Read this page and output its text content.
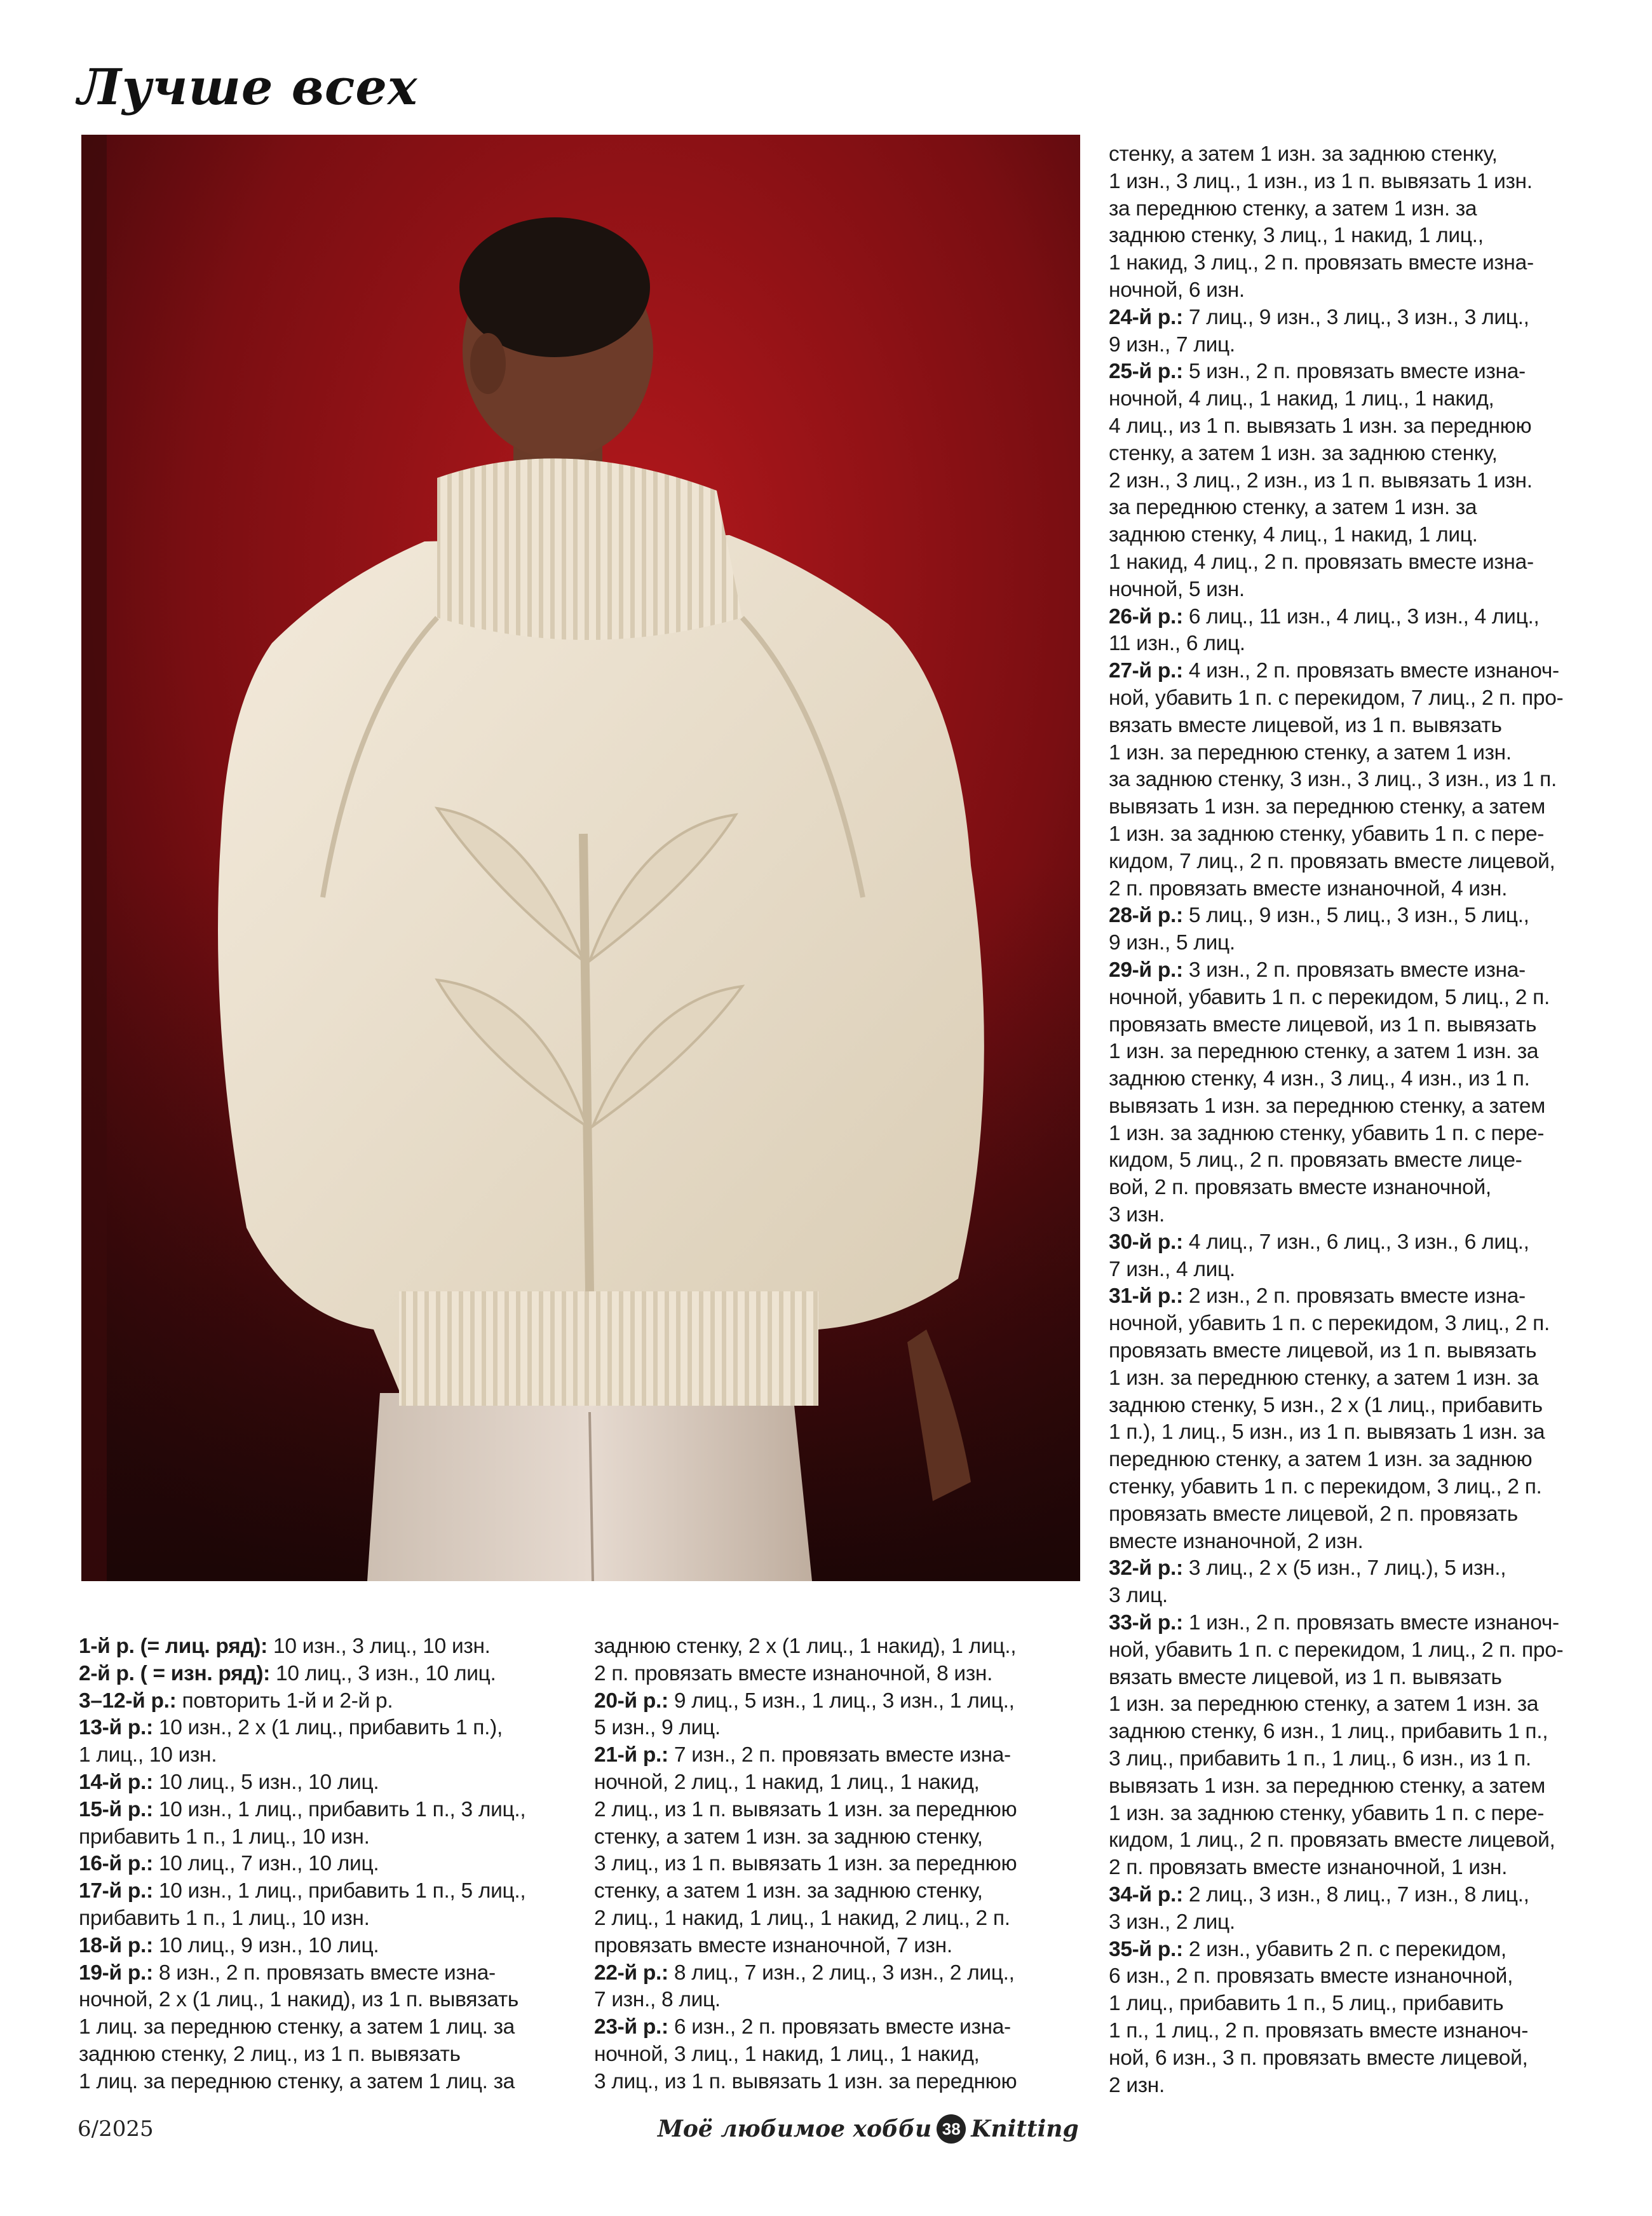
Лучше всех

1-й р. (= лиц. ряд): 10 изн., 3 лиц., 10 изн.

2-й р. ( = изн. ряд): 10 лиц., 3 изн., 10 лиц.

3–12-й р.: повторить 1-й и 2-й р.

13-й р.: 10 изн., 2 х (1 лиц., прибавить 1 п.),

1 лиц., 10 изн.

14-й р.: 10 лиц., 5 изн., 10 лиц.

15-й р.: 10 изн., 1 лиц., прибавить 1 п., 3 лиц.,

прибавить 1 п., 1 лиц., 10 изн.

16-й р.: 10 лиц., 7 изн., 10 лиц.

17-й р.: 10 изн., 1 лиц., прибавить 1 п., 5 лиц.,

прибавить 1 п., 1 лиц., 10 изн.

18-й р.: 10 лиц., 9 изн., 10 лиц.

19-й р.: 8 изн., 2 п. провязать вместе изна-

ночной, 2 х (1 лиц., 1 накид), из 1 п. вывязать

1 лиц. за переднюю стенку, а затем 1 лиц. за

заднюю стенку, 2 лиц., из 1 п. вывязать

1 лиц. за переднюю стенку, а затем 1 лиц. за

заднюю стенку, 2 х (1 лиц., 1 накид), 1 лиц.,

2 п. провязать вместе изнаночной, 8 изн.

20-й р.: 9 лиц., 5 изн., 1 лиц., 3 изн., 1 лиц.,

5 изн., 9 лиц.

21-й р.: 7 изн., 2 п. провязать вместе изна-

ночной, 2 лиц., 1 накид, 1 лиц., 1 накид,

2 лиц., из 1 п. вывязать 1 изн. за переднюю

стенку, а затем 1 изн. за заднюю стенку,

3 лиц., из 1 п. вывязать 1 изн. за переднюю

стенку, а затем 1 изн. за заднюю стенку,

2 лиц., 1 накид, 1 лиц., 1 накид, 2 лиц., 2 п.

провязать вместе изнаночной, 7 изн.

22-й р.: 8 лиц., 7 изн., 2 лиц., 3 изн., 2 лиц.,

7 изн., 8 лиц.

23-й р.: 6 изн., 2 п. провязать вместе изна-

ночной, 3 лиц., 1 накид, 1 лиц., 1 накид,

3 лиц., из 1 п. вывязать 1 изн. за переднюю

стенку, а затем 1 изн. за заднюю стенку,

1 изн., 3 лиц., 1 изн., из 1 п. вывязать 1 изн.

за переднюю стенку, а затем 1 изн. за

заднюю стенку, 3 лиц., 1 накид, 1 лиц.,

1 накид, 3 лиц., 2 п. провязать вместе изна-

ночной, 6 изн.

24-й р.: 7 лиц., 9 изн., 3 лиц., 3 изн., 3 лиц.,

9 изн., 7 лиц.

25-й р.: 5 изн., 2 п. провязать вместе изна-

ночной, 4 лиц., 1 накид, 1 лиц., 1 накид,

4 лиц., из 1 п. вывязать 1 изн. за переднюю

стенку, а затем 1 изн. за заднюю стенку,

2 изн., 3 лиц., 2 изн., из 1 п. вывязать 1 изн.

за переднюю стенку, а затем 1 изн. за

заднюю стенку, 4 лиц., 1 накид, 1 лиц.

1 накид, 4 лиц., 2 п. провязать вместе изна-

ночной, 5 изн.

26-й р.: 6 лиц., 11 изн., 4 лиц., 3 изн., 4 лиц.,

11 изн., 6 лиц.

27-й р.: 4 изн., 2 п. провязать вместе изнаноч-

ной, убавить 1 п. с перекидом, 7 лиц., 2 п. про-

вязать вместе лицевой, из 1 п. вывязать

1 изн. за переднюю стенку, а затем 1 изн.

за заднюю стенку, 3 изн., 3 лиц., 3 изн., из 1 п.

вывязать 1 изн. за переднюю стенку, а затем

1 изн. за заднюю стенку, убавить 1 п. с пере-

кидом, 7 лиц., 2 п. провязать вместе лицевой,

2 п. провязать вместе изнаночной, 4 изн.

28-й р.: 5 лиц., 9 изн., 5 лиц., 3 изн., 5 лиц.,

9 изн., 5 лиц.

29-й р.: 3 изн., 2 п. провязать вместе изна-

ночной, убавить 1 п. с перекидом, 5 лиц., 2 п.

провязать вместе лицевой, из 1 п. вывязать

1 изн. за переднюю стенку, а затем 1 изн. за

заднюю стенку, 4 изн., 3 лиц., 4 изн., из 1 п.

вывязать 1 изн. за переднюю стенку, а затем

1 изн. за заднюю стенку, убавить 1 п. с пере-

кидом, 5 лиц., 2 п. провязать вместе лице-

вой, 2 п. провязать вместе изнаночной,

3 изн.

30-й р.: 4 лиц., 7 изн., 6 лиц., 3 изн., 6 лиц.,

7 изн., 4 лиц.

31-й р.: 2 изн., 2 п. провязать вместе изна-

ночной, убавить 1 п. с перекидом, 3 лиц., 2 п.

провязать вместе лицевой, из 1 п. вывязать

1 изн. за переднюю стенку, а затем 1 изн. за

заднюю стенку, 5 изн., 2 х (1 лиц., прибавить

1 п.), 1 лиц., 5 изн., из 1 п. вывязать 1 изн. за

переднюю стенку, а затем 1 изн. за заднюю

стенку, убавить 1 п. с перекидом, 3 лиц., 2 п.

провязать вместе лицевой, 2 п. провязать

вместе изнаночной, 2 изн.

32-й р.: 3 лиц., 2 х (5 изн., 7 лиц.), 5 изн.,

3 лиц.

33-й р.: 1 изн., 2 п. провязать вместе изнаноч-

ной, убавить 1 п. с перекидом, 1 лиц., 2 п. про-

вязать вместе лицевой, из 1 п. вывязать

1 изн. за переднюю стенку, а затем 1 изн. за

заднюю стенку, 6 изн., 1 лиц., прибавить 1 п.,

3 лиц., прибавить 1 п., 1 лиц., 6 изн., из 1 п.

вывязать 1 изн. за переднюю стенку, а затем

1 изн. за заднюю стенку, убавить 1 п. с пере-

кидом, 1 лиц., 2 п. провязать вместе лицевой,

2 п. провязать вместе изнаночной, 1 изн.

34-й р.: 2 лиц., 3 изн., 8 лиц., 7 изн., 8 лиц.,

3 изн., 2 лиц.

35-й р.: 2 изн., убавить 2 п. с перекидом,

6 изн., 2 п. провязать вместе изнаночной,

1 лиц., прибавить 1 п., 5 лиц., прибавить

1 п., 1 лиц., 2 п. провязать вместе изнаноч-

ной, 6 изн., 3 п. провязать вместе лицевой,

2 изн.

6/2025	Моё любимое хобби 38 Knitting
